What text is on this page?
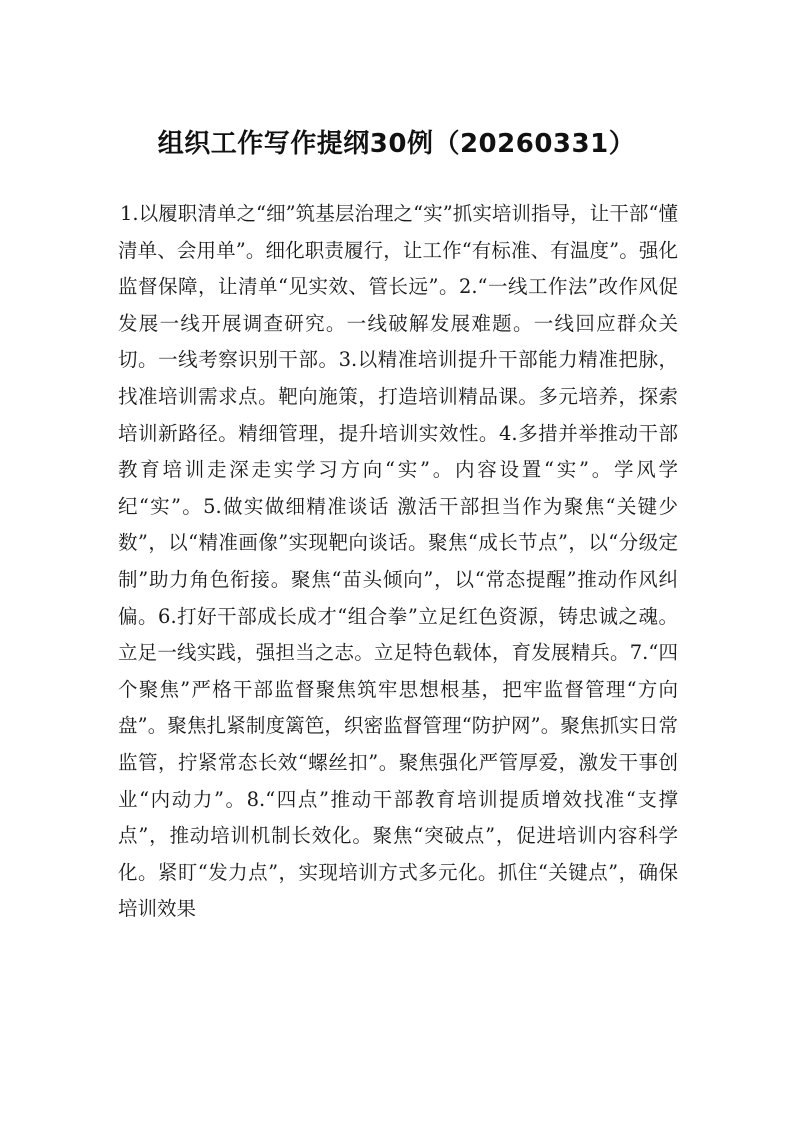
组织工作写作提纲30例（20260331）

1.以履职清单之“细”筑基层治理之“实”抓实培训指导，让干部“懂清单、会用单”。细化职责履行，让工作“有标准、有温度”。强化监督保障，让清单“见实效、管长远”。2.“一线工作法”改作风促发展一线开展调查研究。一线破解发展难题。一线回应群众关切。一线考察识别干部。3.以精准培训提升干部能力精准把脉，找准培训需求点。靶向施策，打造培训精品课。多元培养，探索培训新路径。精细管理，提升培训实效性。4.多措并举推动干部教育培训走深走实学习方向“实”。内容设置“实”。学风学纪“实”。5.做实做细精准谈话 激活干部担当作为聚焦“关键少数”，以“精准画像”实现靶向谈话。聚焦“成长节点”，以“分级定制”助力角色衔接。聚焦“苗头倾向”，以“常态提醒”推动作风纠偏。6.打好干部成长成才“组合拳”立足红色资源，铸忠诚之魂。立足一线实践，强担当之志。立足特色载体，育发展精兵。7.“四个聚焦”严格干部监督聚焦筑牢思想根基，把牢监督管理“方向盘”。聚焦扎紧制度篱笆，织密监督管理“防护网”。聚焦抓实日常监管，拧紧常态长效“螺丝扣”。聚焦强化严管厚爱，激发干事创业“内动力”。8.“四点”推动干部教育培训提质增效找准“支撑点”，推动培训机制长效化。聚焦“突破点”，促进培训内容科学化。紧盯“发力点”，实现培训方式多元化。抓住“关键点”，确保培训效果
